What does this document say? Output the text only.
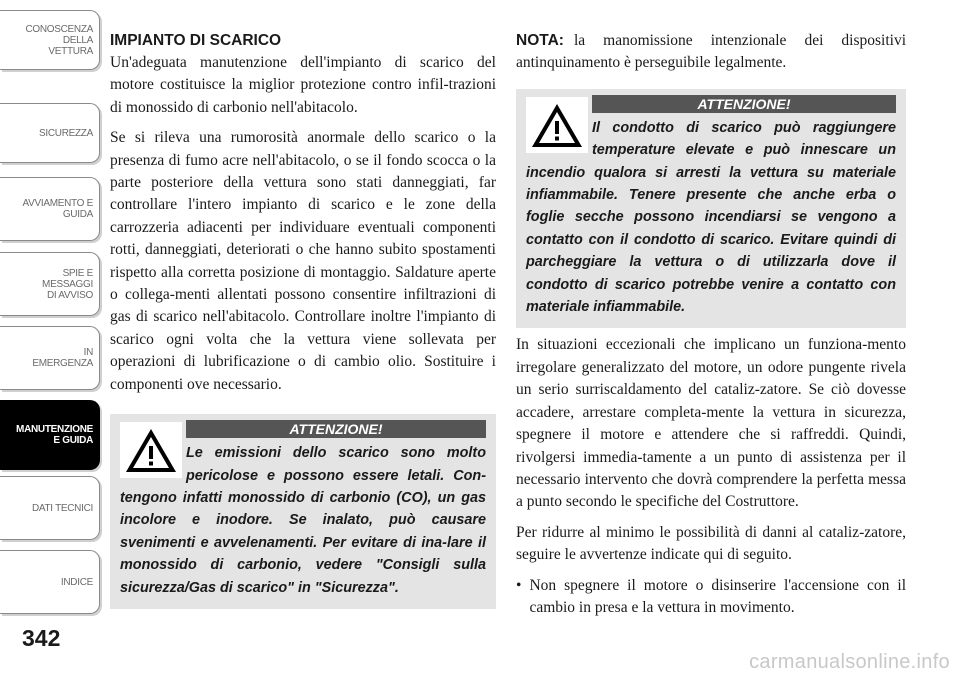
CONOSCENZA DELLA
VETTURA
SICUREZZA
AVVIAMENTO E
GUIDA
SPIE E
MESSAGGI
DI AVVISO
IN
EMERGENZA
MANUTENZIONE
E GUIDA
DATI TECNICI
INDICE
342
IMPIANTO DI SCARICO

Un'adeguata manutenzione dell'impianto di scarico del motore costituisce la miglior protezione contro infil-trazioni di monossido di carbonio nell'abitacolo.

Se si rileva una rumorosità anormale dello scarico o la presenza di fumo acre nell'abitacolo, o se il fondo scocca o la parte posteriore della vettura sono stati danneggiati, far controllare l'intero impianto di scarico e le zone della carrozzeria adiacenti per individuare eventuali componenti rotti, danneggiati, deteriorati o che hanno subito spostamenti rispetto alla corretta posizione di montaggio. Saldature aperte o collega-menti allentati possono consentire infiltrazioni di gas di scarico nell'abitacolo. Controllare inoltre l'impianto di scarico ogni volta che la vettura viene sollevata per operazioni di lubrificazione o di cambio olio. Sostituire i componenti ove necessario.

ATTENZIONE!

Le emissioni dello scarico sono molto pericolose e possono essere letali. Con-tengono infatti monossido di carbonio (CO), un gas incolore e inodore. Se inalato, può causare svenimenti e avvelenamenti. Per evitare di ina-lare il monossido di carbonio, vedere "Consigli sulla sicurezza/Gas di scarico" in "Sicurezza".

NOTA: la manomissione intenzionale dei dispositivi antinquinamento è perseguibile legalmente.

ATTENZIONE!

Il condotto di scarico può raggiungere temperature elevate e può innescare un incendio qualora si arresti la vettura su materiale infiammabile. Tenere presente che anche erba o foglie secche possono incendiarsi se vengono a contatto con il condotto di scarico. Evitare quindi di parcheggiare la vettura o di utilizzarla dove il condotto di scarico potrebbe venire a contatto con materiale infiammabile.

In situazioni eccezionali che implicano un funziona-mento irregolare generalizzato del motore, un odore pungente rivela un serio surriscaldamento del cataliz-zatore. Se ciò dovesse accadere, arrestare completa-mente la vettura in sicurezza, spegnere il motore e attendere che si raffreddi. Quindi, rivolgersi immedia-tamente a un punto di assistenza per il necessario intervento che dovrà comprendere la perfetta messa a punto secondo le specifiche del Costruttore.

Per ridurre al minimo le possibilità di danni al cataliz-zatore, seguire le avvertenze indicate qui di seguito.

• Non spegnere il motore o disinserire l'accensione con il cambio in presa e la vettura in movimento.
carmanualsonline.info
